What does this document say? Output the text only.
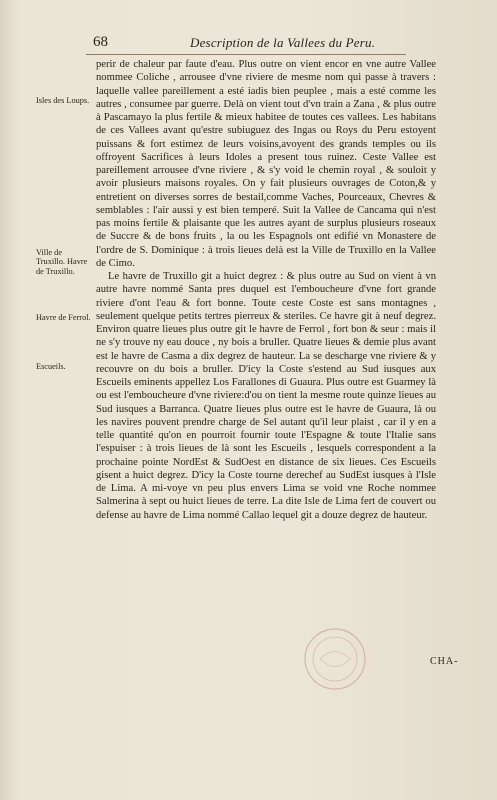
68	Description de la Vallees du Peru.
Isles des Loups.
Ville de Truxillo. Havre de Truxillo.
Havre de Ferrol.
Escueils.

perir de chaleur par faute d'eau. Plus outre on vient encor en vne autre Vallee nommee Coliche , arrousee d'vne riviere de mesme nom qui passe à travers : laquelle vallee pareillement a esté iadis bien peuplee , mais a esté comme les autres , consumee par guerre. Delà on vient tout d'vn train a Zana , & plus outre à Pascamayo la plus fertile & mieux habitee de toutes ces vallees. Les habitans de ces Vallees avant qu'estre subiuguez des Ingas ou Roys du Peru estoyent puissans & fort estimez de leurs voisins,avoyent des grands temples ou ils offroyent Sacrifices à leurs Idoles a present tous ruinez. Ceste Vallee est pareillement arrousee d'vne riviere , & s'y void le chemin royal , & souloit y avoir plusieurs maisons royales. On y fait plusieurs ouvrages de Coton,& y entretient on diverses sorres de bestail,comme Vaches, Pourceaux, Chevres & semblables : l'air aussi y est bien temperé. Suit la Vallee de Cancama qui n'est pas moins fertile & plaisante que les autres ayant de surplus plusieurs roseaux de Succre & de bons fruits , la ou les Espagnols ont edifié vn Monastere de l'ordre de S. Dominique : à trois lieues delà est la Ville de Truxillo en la Vallee de Cimo.

Le havre de Truxillo git a huict degrez : & plus outre au Sud on vient à vn autre havre nommé Santa pres duquel est l'emboucheure d'vne fort grande riviere d'ont l'eau & fort bonne. Toute ceste Coste est sans montagnes , seulement quelque petits tertres pierreux & steriles. Ce havre git à neuf degrez. Environ quatre lieues plus outre git le havre de Ferrol , fort bon & seur : mais il ne s'y trouve ny eau douce , ny bois a bruller. Quatre lieues & demie plus avant est le havre de Casma a dix degrez de hauteur. La se descharge vne riviere & y recouvre on du bois a bruller. D'icy la Coste s'estend au Sud iusques aux Escueils eminents appellez Los Farallones di Guaura. Plus outre est Guarmey là ou est l'emboucheure d'vne riviere:d'ou on tient la mesme route quinze lieues au Sud iusques a Barranca. Quatre lieues plus outre est le havre de Guaura, là ou les navires pouvent prendre charge de Sel autant qu'il leur plaist , car il y en a telle quantité qu'on en pourroit fournir toute l'Espagne & toute l'Italie sans l'espuiser : à trois lieues de là sont les Escueils , lesquels correspondent a la prochaine pointe NordEst & SudOest en distance de six lieues. Ces Escueils gisent a huict degrez. D'icy la Coste tourne derechef au SudEst iusques à l'Isle de Lima. A mi-voye vn peu plus envers Lima se void vne Roche nommee Salmerina à sept ou huict lieues de terre. La dite Isle de Lima fert de couvert ou defense au havre de Lima nommé Callao lequel git a douze degrez de hauteur.

CHA-
